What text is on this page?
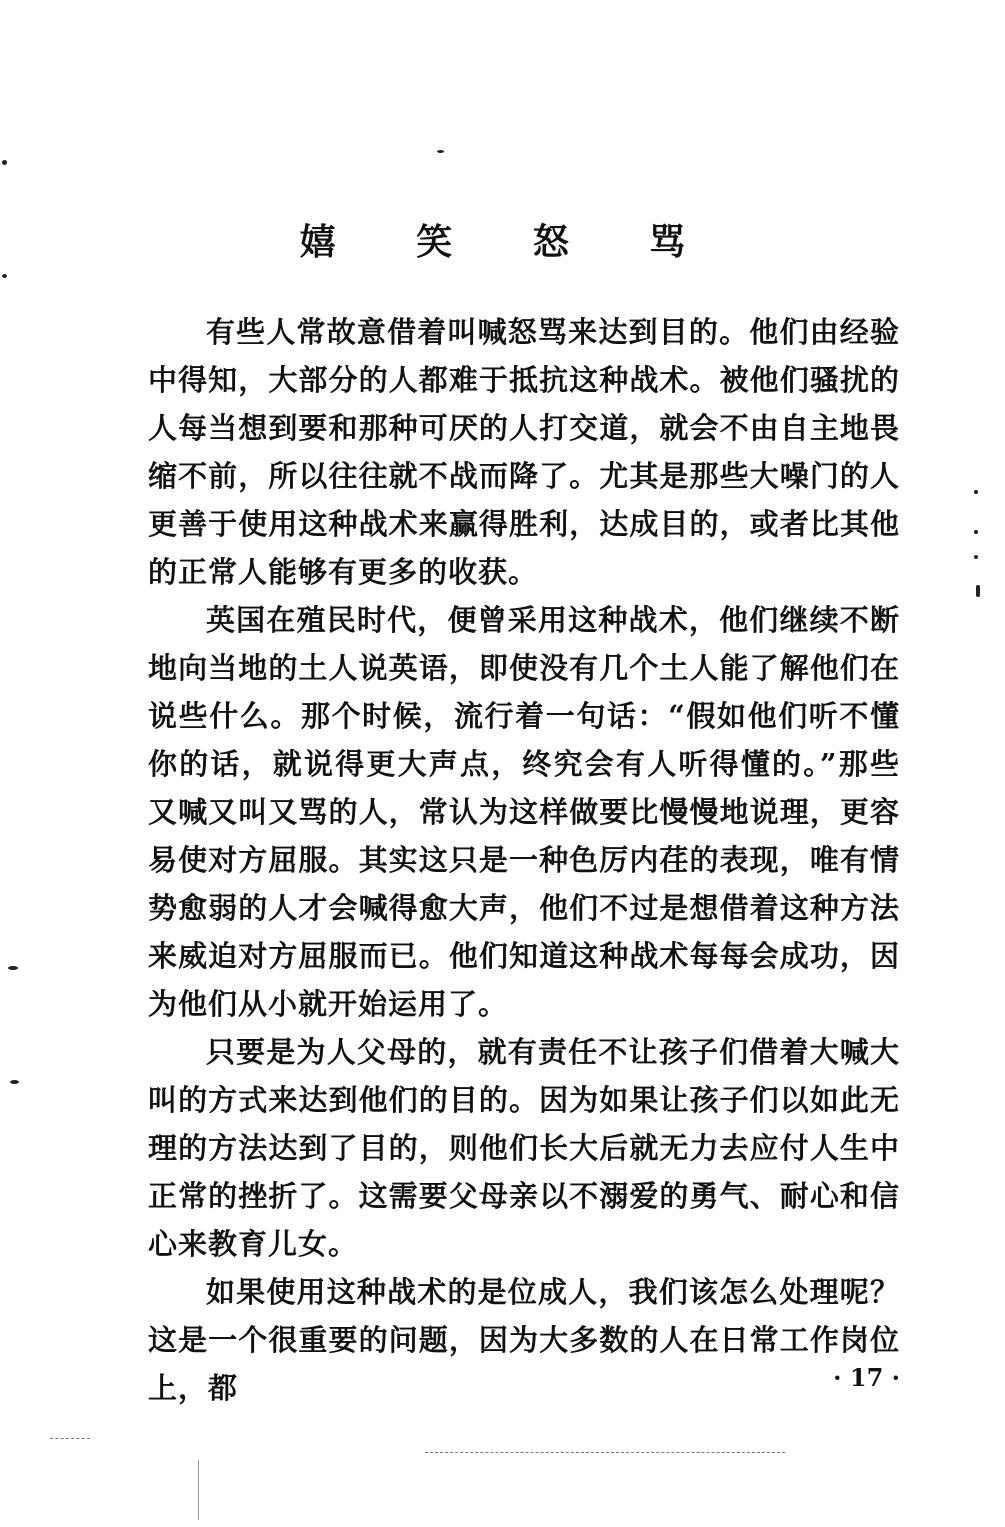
嬉 笑 怒 骂

有些人常故意借着叫喊怒骂来达到目的。他们由经验中得知，大部分的人都难于抵抗这种战术。被他们骚扰的人每当想到要和那种可厌的人打交道，就会不由自主地畏缩不前，所以往往就不战而降了。尤其是那些大噪门的人更善于使用这种战术来赢得胜利，达成目的，或者比其他的正常人能够有更多的收获。

英国在殖民时代，便曾采用这种战术，他们继续不断地向当地的土人说英语，即使没有几个土人能了解他们在说些什么。那个时候，流行着一句话：“假如他们听不懂你的话，就说得更大声点，终究会有人听得懂的。”那些又喊又叫又骂的人，常认为这样做要比慢慢地说理，更容易使对方屈服。其实这只是一种色厉内荏的表现，唯有情势愈弱的人才会喊得愈大声，他们不过是想借着这种方法来威迫对方屈服而已。他们知道这种战术每每会成功，因为他们从小就开始运用了。

只要是为人父母的，就有责任不让孩子们借着大喊大叫的方式来达到他们的目的。因为如果让孩子们以如此无理的方法达到了目的，则他们长大后就无力去应付人生中正常的挫折了。这需要父母亲以不溺爱的勇气、耐心和信心来教育儿女。

如果使用这种战术的是位成人，我们该怎么处理呢？这是一个很重要的问题，因为大多数的人在日常工作岗位上，都	· 17 ·
